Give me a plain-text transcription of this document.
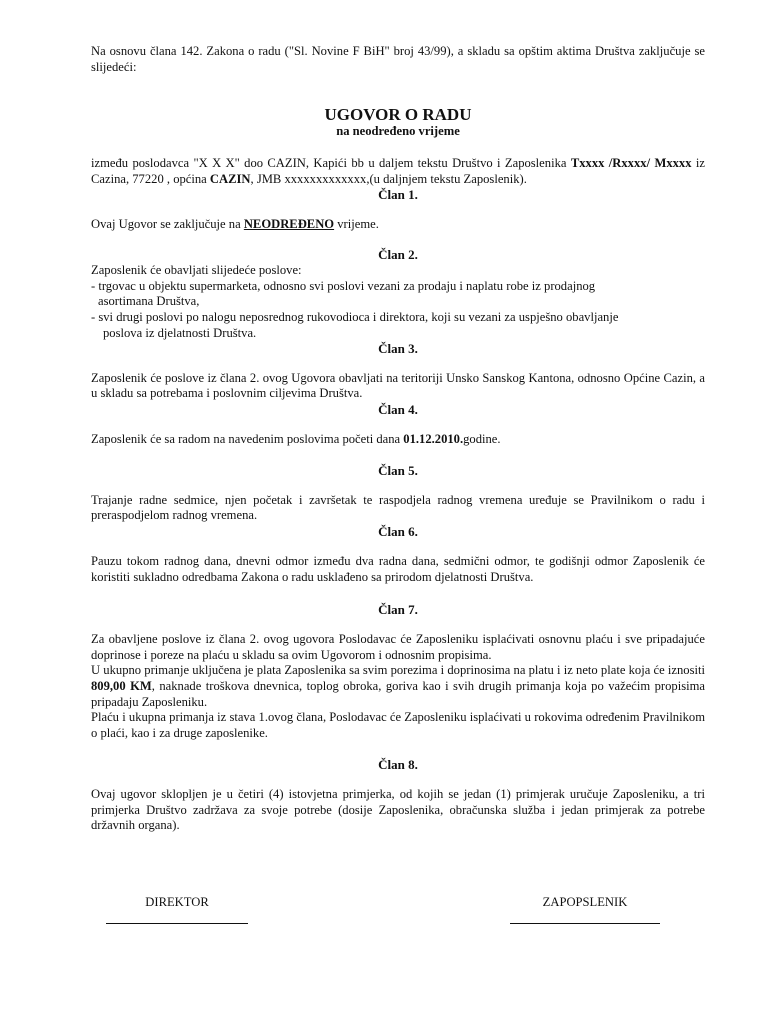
Na osnovu člana 142. Zakona o radu ("Sl. Novine F BiH" broj 43/99), a skladu sa opštim aktima Društva zaključuje se slijedeći:

UGOVOR O RADU

na neodređeno vrijeme

između poslodavca "X X X" doo CAZIN, Kapići bb u daljem tekstu Društvo i Zaposlenika Txxxx /Rxxxx/ Mxxxx iz Cazina, 77220 , općina CAZIN, JMB xxxxxxxxxxxxx,(u daljnjem tekstu Zaposlenik).

Član 1.

Ovaj Ugovor se zaključuje na NEODREĐENO vrijeme.

Član 2.

Zaposlenik će obavljati slijedeće poslove:

- trgovac u objektu supermarketa, odnosno svi poslovi vezani za prodaju i naplatu robe iz prodajnog

asortimana Društva,

- svi drugi poslovi po nalogu neposrednog rukovodioca i direktora, koji su vezani za uspješno obavljanje

poslova iz djelatnosti Društva.

Član 3.

Zaposlenik će poslove iz člana 2. ovog Ugovora obavljati na teritoriji Unsko Sanskog Kantona, odnosno Općine Cazin, a u skladu sa potrebama i poslovnim ciljevima Društva.

Član 4.

Zaposlenik će sa radom na navedenim poslovima početi dana 01.12.2010.godine.

Član 5.

Trajanje radne sedmice, njen početak i završetak te raspodjela radnog vremena uređuje se Pravilnikom o radu i preraspodjelom radnog vremena.

Član 6.

Pauzu tokom radnog dana, dnevni odmor između dva radna dana, sedmični odmor, te godišnji odmor Zaposlenik će koristiti sukladno odredbama Zakona o radu usklađeno sa prirodom djelatnosti Društva.

Član 7.

Za obavljene poslove iz člana 2. ovog ugovora Poslodavac će Zaposleniku isplaćivati osnovnu plaću i sve pripadajuće doprinose i poreze na plaću u skladu sa ovim Ugovorom i odnosnim propisima.

U ukupno primanje uključena je plata Zaposlenika sa svim porezima i doprinosima na platu i iz neto plate koja će iznositi 809,00 KM, naknade troškova dnevnica, toplog obroka, goriva kao i svih drugih primanja koja po važećim propisima pripadaju Zaposleniku.

Plaću i ukupna primanja iz stava 1.ovog člana, Poslodavac će Zaposleniku isplaćivati u rokovima određenim Pravilnikom o plaći, kao i za druge zaposlenike.

Član 8.

Ovaj ugovor sklopljen je u četiri (4) istovjetna primjerka, od kojih se jedan (1) primjerak uručuje Zaposleniku, a tri primjerka Društvo zadržava za svoje potrebe (dosije Zaposlenika, obračunska služba i jedan primjerak za potrebe državnih organa).

DIREKTOR	ZAPOPSLENIK
